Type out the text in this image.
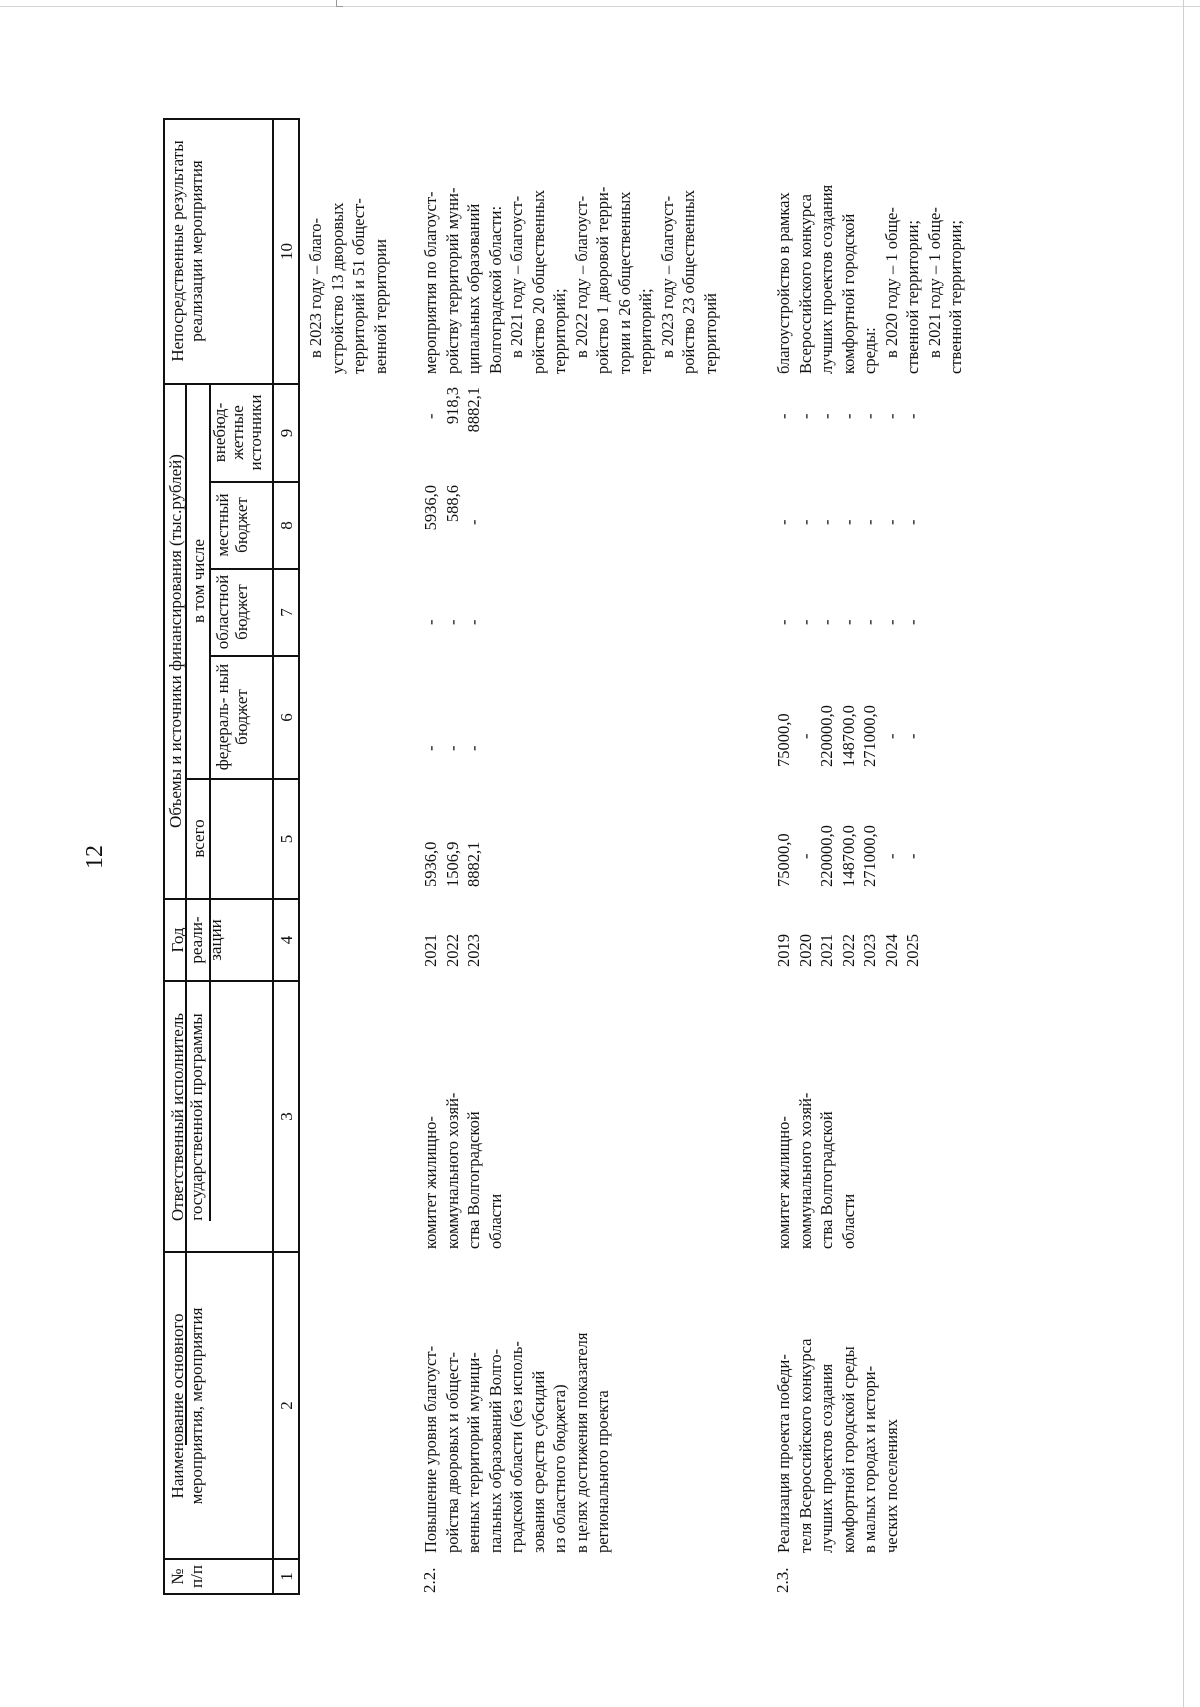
12
№ п/п
Наименование основного мероприятия, мероприятия
Ответственный исполнитель государственной программы
Год реали- зации
Объемы и источники финансирования (тыс.рублей)
всего
в том числе
федераль- ный бюджет
областной бюджет
местный бюджет
внебюд- жетные источники
Непосредственные результаты реализации мероприятия
1
2
3
4
5
6
7
8
9
10 в 2023 году – благо- устройство 13 дворовых территорий и 51 общест- венной территории
2.2.
Повышение уровня благоуст- ройства дворовых и общест- венных территорий муници- пальных образований Волго- градской области (без исполь- зования средств субсидий из областного бюджета) в целях достижения показателя регионального проекта
комитет жилищно- коммунального хозяй- ства Волгоградской области
2021 2022 2023
5936,0 1506,9 8882,1
- - -
- - -
5936,0 588,6
-
- 918,3 8882,1
мероприятия по благоуст- ройству территорий муни- ципальных образований Волгоградской области: в 2021 году – благоуст- ройство 20 общественных территорий; в 2022 году – благоуст- ройство 1 дворовой терри- тории и 26 общественных территорий; в 2023 году – благоуст- ройство 23 общественных территорий
2.3.
Реализация проекта победи- теля Всероссийского конкурса лучших проектов создания комфортной городской среды в малых городах и истори- ческих поселениях
комитет жилищно- коммунального хозяй- ства Волгоградской области
2019 2020 2021 2022 2023 2024 2025
75000,0 - 220000,0 148700,0 271000,0 - -
75000,0 - 220000,0 148700,0 271000,0 - -
- - - - - - -
- - - - - - -
- - - - - - -
благоустройство в рамках Всероссийского конкурса лучших проектов создания комфортной городской среды: в 2020 году – 1 обще- ственной территории; в 2021 году – 1 обще- ственной территории;
